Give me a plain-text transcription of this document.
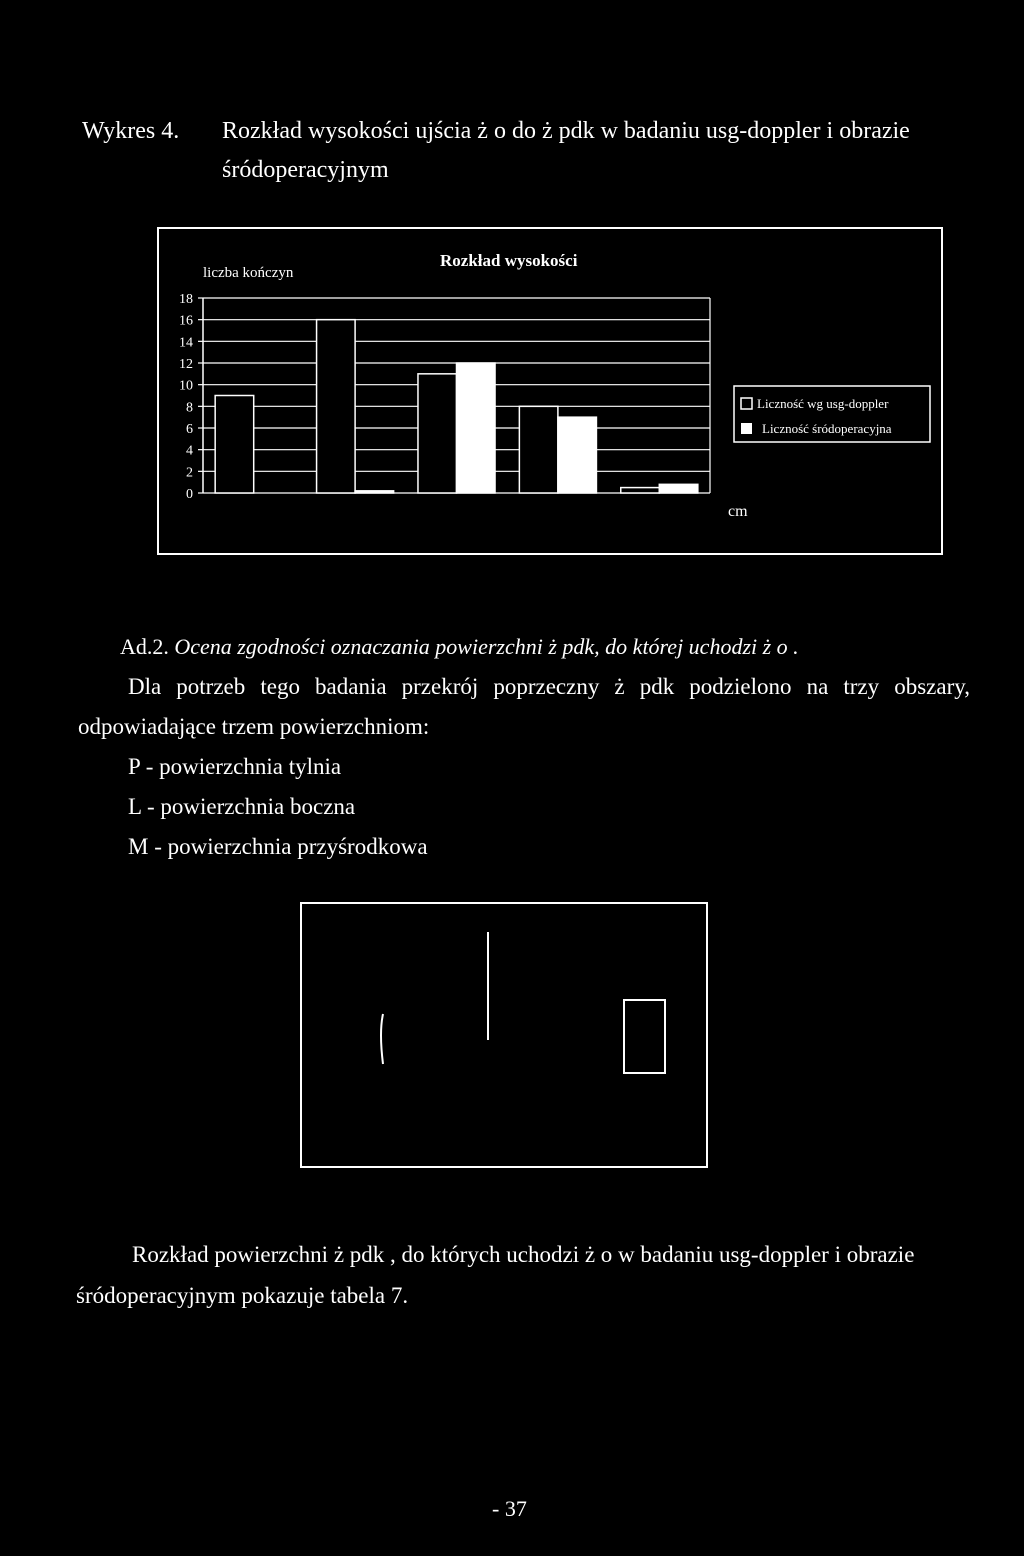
Wykres 4. Rozkład wysokości ujścia ż o do ż pdk w badaniu usg-doppler i obrazie
śródoperacyjnym
Rozkład wysokości
liczba kończyn
cm
0
2
4
6
8
10
12
14
16
18
Liczność wg usg-doppler
Liczność śródoperacyjna
Ad.2. Ocena zgodności oznaczania powierzchni ż pdk, do której uchodzi ż o .
Dla potrzeb tego badania przekrój poprzeczny ż pdk podzielono na trzy obszary,
odpowiadające trzem powierzchniom:
P - powierzchnia tylnia
L - powierzchnia boczna
M - powierzchnia przyśrodkowa
Rozkład powierzchni ż pdk , do których uchodzi ż o w badaniu usg-doppler i obrazie
śródoperacyjnym pokazuje tabela 7.
- 37
